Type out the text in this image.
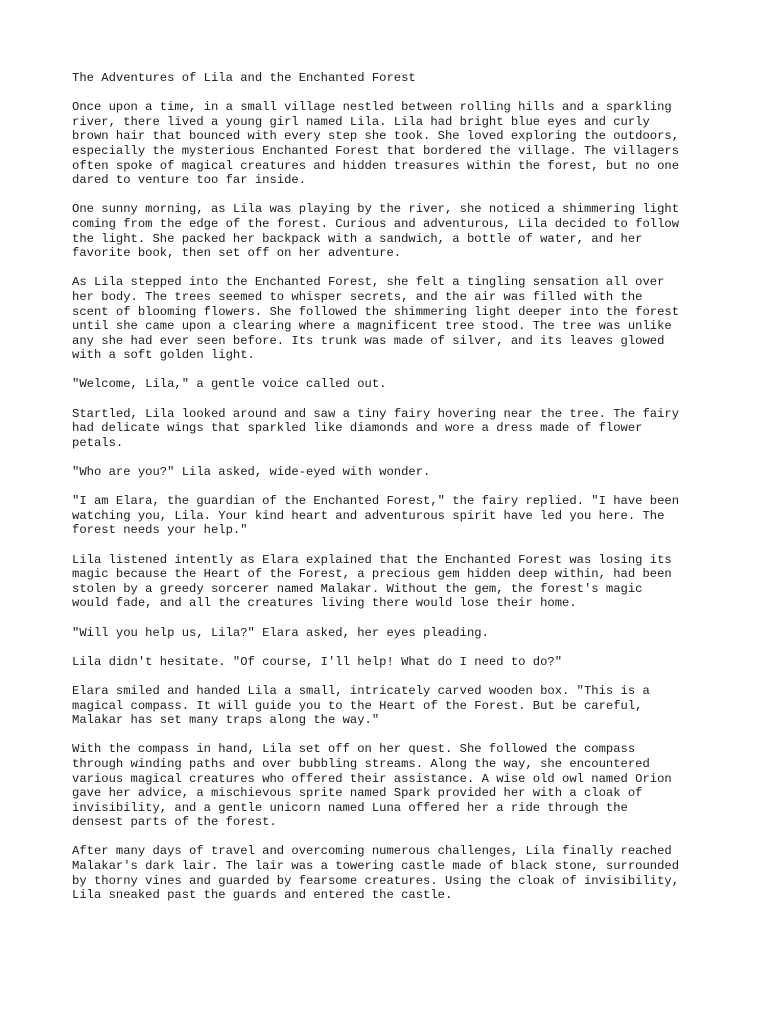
The Adventures of Lila and the Enchanted Forest
Once upon a time, in a small village nestled between rolling hills and a sparkling
river, there lived a young girl named Lila. Lila had bright blue eyes and curly
brown hair that bounced with every step she took. She loved exploring the outdoors,
especially the mysterious Enchanted Forest that bordered the village. The villagers
often spoke of magical creatures and hidden treasures within the forest, but no one
dared to venture too far inside.
One sunny morning, as Lila was playing by the river, she noticed a shimmering light
coming from the edge of the forest. Curious and adventurous, Lila decided to follow
the light. She packed her backpack with a sandwich, a bottle of water, and her
favorite book, then set off on her adventure.
As Lila stepped into the Enchanted Forest, she felt a tingling sensation all over
her body. The trees seemed to whisper secrets, and the air was filled with the
scent of blooming flowers. She followed the shimmering light deeper into the forest
until she came upon a clearing where a magnificent tree stood. The tree was unlike
any she had ever seen before. Its trunk was made of silver, and its leaves glowed
with a soft golden light.
"Welcome, Lila," a gentle voice called out.
Startled, Lila looked around and saw a tiny fairy hovering near the tree. The fairy
had delicate wings that sparkled like diamonds and wore a dress made of flower
petals.
"Who are you?" Lila asked, wide-eyed with wonder.
"I am Elara, the guardian of the Enchanted Forest," the fairy replied. "I have been
watching you, Lila. Your kind heart and adventurous spirit have led you here. The
forest needs your help."
Lila listened intently as Elara explained that the Enchanted Forest was losing its
magic because the Heart of the Forest, a precious gem hidden deep within, had been
stolen by a greedy sorcerer named Malakar. Without the gem, the forest's magic
would fade, and all the creatures living there would lose their home.
"Will you help us, Lila?" Elara asked, her eyes pleading.
Lila didn't hesitate. "Of course, I'll help! What do I need to do?"
Elara smiled and handed Lila a small, intricately carved wooden box. "This is a
magical compass. It will guide you to the Heart of the Forest. But be careful,
Malakar has set many traps along the way."
With the compass in hand, Lila set off on her quest. She followed the compass
through winding paths and over bubbling streams. Along the way, she encountered
various magical creatures who offered their assistance. A wise old owl named Orion
gave her advice, a mischievous sprite named Spark provided her with a cloak of
invisibility, and a gentle unicorn named Luna offered her a ride through the
densest parts of the forest.
After many days of travel and overcoming numerous challenges, Lila finally reached
Malakar's dark lair. The lair was a towering castle made of black stone, surrounded
by thorny vines and guarded by fearsome creatures. Using the cloak of invisibility,
Lila sneaked past the guards and entered the castle.
